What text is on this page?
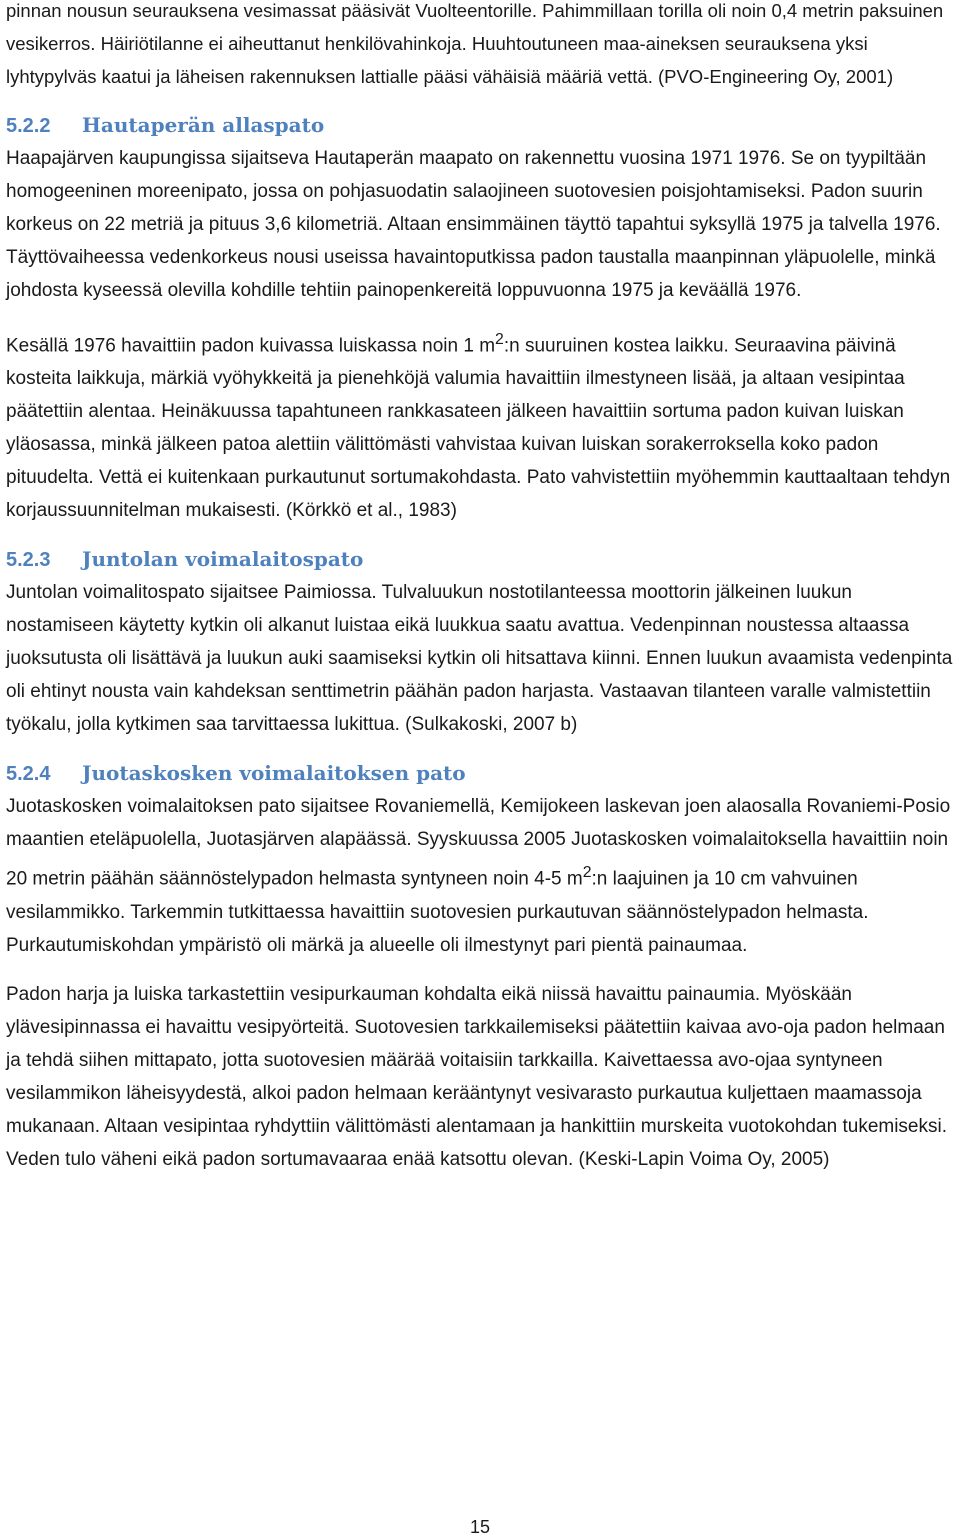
pinnan nousun seurauksena vesimassat pääsivät Vuolteentorille. Pahimmillaan torilla oli noin 0,4 metrin paksuinen vesikerros. Häiriötilanne ei aiheuttanut henkilövahinkoja. Huuhtoutuneen maa-aineksen seurauksena yksi lyhtypylväs kaatui ja läheisen rakennuksen lattialle pääsi vähäisiä määriä vettä. (PVO-Engineering Oy, 2001)

5.2.2 Hautaperän allaspato

Haapajärven kaupungissa sijaitseva Hautaperän maapato on rakennettu vuosina 1971 1976. Se on tyypiltään homogeeninen moreenipato, jossa on pohjasuodatin salaojineen suotovesien poisjohtamiseksi. Padon suurin korkeus on 22 metriä ja pituus 3,6 kilometriä. Altaan ensimmäinen täyttö tapahtui syksyllä 1975 ja talvella 1976. Täyttövaiheessa vedenkorkeus nousi useissa havaintoputkissa padon taustalla maanpinnan yläpuolelle, minkä johdosta kyseessä olevilla kohdille tehtiin painopenkereitä loppuvuonna 1975 ja keväällä 1976.

Kesällä 1976 havaittiin padon kuivassa luiskassa noin 1 $m^2:n$ suuruinen kostea laikku. Seuraavina päivinä kosteita laikkuja, märkiä vyöhykkeitä ja pienehköjä valumia havaittiin ilmestyneen lisää, ja altaan vesipintaa päätettiin alentaa. Heinäkuussa tapahtuneen rankkasateen jälkeen havaittiin sortuma padon kuivan luiskan yläosassa, minkä jälkeen patoa alettiin välittömästi vahvistaa kuivan luiskan sorakerroksella koko padon pituudelta. Vettä ei kuitenkaan purkautunut sortumakohdasta. Pato vahvistettiin myöhemmin kauttaaltaan tehdyn korjaussuunnitelman mukaisesti. (Körkkö et al., 1983)

5.2.3 Juntolan voimalaitospato

Juntolan voimalitospato sijaitsee Paimiossa. Tulvaluukun nostotilanteessa moottorin jälkeinen luukun nostamiseen käytetty kytkin oli alkanut luistaa eikä luukkua saatu avattua. Vedenpinnan noustessa altaassa juoksutusta oli lisättävä ja luukun auki saamiseksi kytkin oli hitsattava kiinni. Ennen luukun avaamista vedenpinta oli ehtinyt nousta vain kahdeksan senttimetrin päähän padon harjasta. Vastaavan tilanteen varalle valmistettiin työkalu, jolla kytkimen saa tarvittaessa lukittua. (Sulkakoski, 2007 b)

5.2.4 Juotaskosken voimalaitoksen pato

Juotaskosken voimalaitoksen pato sijaitsee Rovaniemellä, Kemijokeen laskevan joen alaosalla Rovaniemi-Posio maantien eteläpuolella, Juotasjärven alapäässä. Syyskuussa 2005 Juotaskosken voimalaitoksella havaittiin noin 20 metrin päähän säännöstelypadon helmasta syntyneen noin 4-5 $m^2:n$ laajuinen ja 10 cm vahvuinen vesilammikko. Tarkemmin tutkittaessa havaittiin suotovesien purkautuvan säännöstelypadon helmasta. Purkautumiskohdan ympäristö oli märkä ja alueelle oli ilmestynyt pari pientä painaumaa.

Padon harja ja luiska tarkastettiin vesipurkauman kohdalta eikä niissä havaittu painaumia. Myöskään ylävesipinnassa ei havaittu vesipyörteitä. Suotovesien tarkkailemiseksi päätettiin kaivaa avo-oja padon helmaan ja tehdä siihen mittapato, jotta suotovesien määrää voitaisiin tarkkailla. Kaivettaessa avo-ojaa syntyneen vesilammikon läheisyydestä, alkoi padon helmaan kerääntynyt vesivarasto purkautua kuljettaen maamassoja mukanaan. Altaan vesipintaa ryhdyttiin välittömästi alentamaan ja hankittiin murskeita vuotokohdan tukemiseksi. Veden tulo väheni eikä padon sortumavaaraa enää katsottu olevan. (Keski-Lapin Voima Oy, 2005)

15
